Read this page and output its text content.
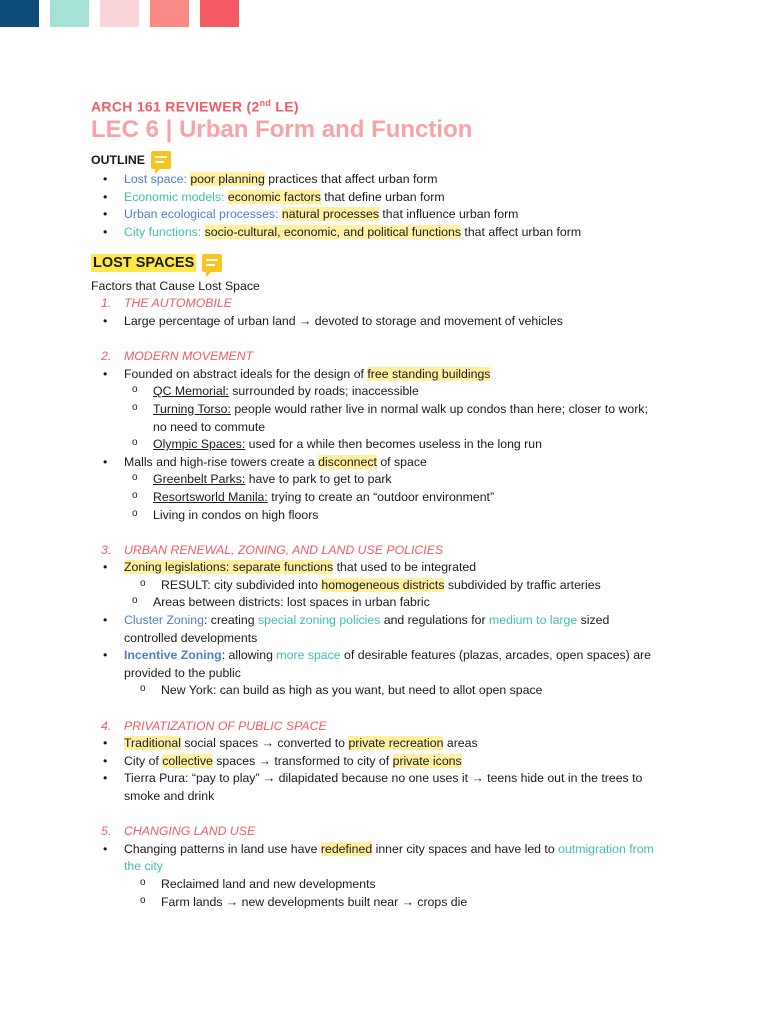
ARCH 161 REVIEWER (2nd LE)
LEC 6 | Urban Form and Function
OUTLINE
• Lost space: poor planning practices that affect urban form
• Economic models: economic factors that define urban form
• Urban ecological processes: natural processes that influence urban form
• City functions: socio-cultural, economic, and political functions that affect urban form
LOST SPACES
Factors that Cause Lost Space
1. THE AUTOMOBILE
• Large percentage of urban land → devoted to storage and movement of vehicles
2. MODERN MOVEMENT
• Founded on abstract ideals for the design of free standing buildings
o QC Memorial: surrounded by roads; inaccessible
o Turning Torso: people would rather live in normal walk up condos than here; closer to work;
no need to commute
o Olympic Spaces: used for a while then becomes useless in the long run
• Malls and high-rise towers create a disconnect of space
o Greenbelt Parks: have to park to get to park
o Resortsworld Manila: trying to create an “outdoor environment”
o Living in condos on high floors
3. URBAN RENEWAL, ZONING, AND LAND USE POLICIES
• Zoning legislations: separate functions that used to be integrated
o RESULT: city subdivided into homogeneous districts subdivided by traffic arteries
o Areas between districts: lost spaces in urban fabric
• Cluster Zoning: creating special zoning policies and regulations for medium to large sized
controlled developments
• Incentive Zoning: allowing more space of desirable features (plazas, arcades, open spaces) are
provided to the public
o New York: can build as high as you want, but need to allot open space
4. PRIVATIZATION OF PUBLIC SPACE
• Traditional social spaces → converted to private recreation areas
• City of collective spaces → transformed to city of private icons
• Tierra Pura: “pay to play” → dilapidated because no one uses it → teens hide out in the trees to
smoke and drink
5. CHANGING LAND USE
• Changing patterns in land use have redefined inner city spaces and have led to outmigration from
the city
o Reclaimed land and new developments
o Farm lands → new developments built near → crops die
